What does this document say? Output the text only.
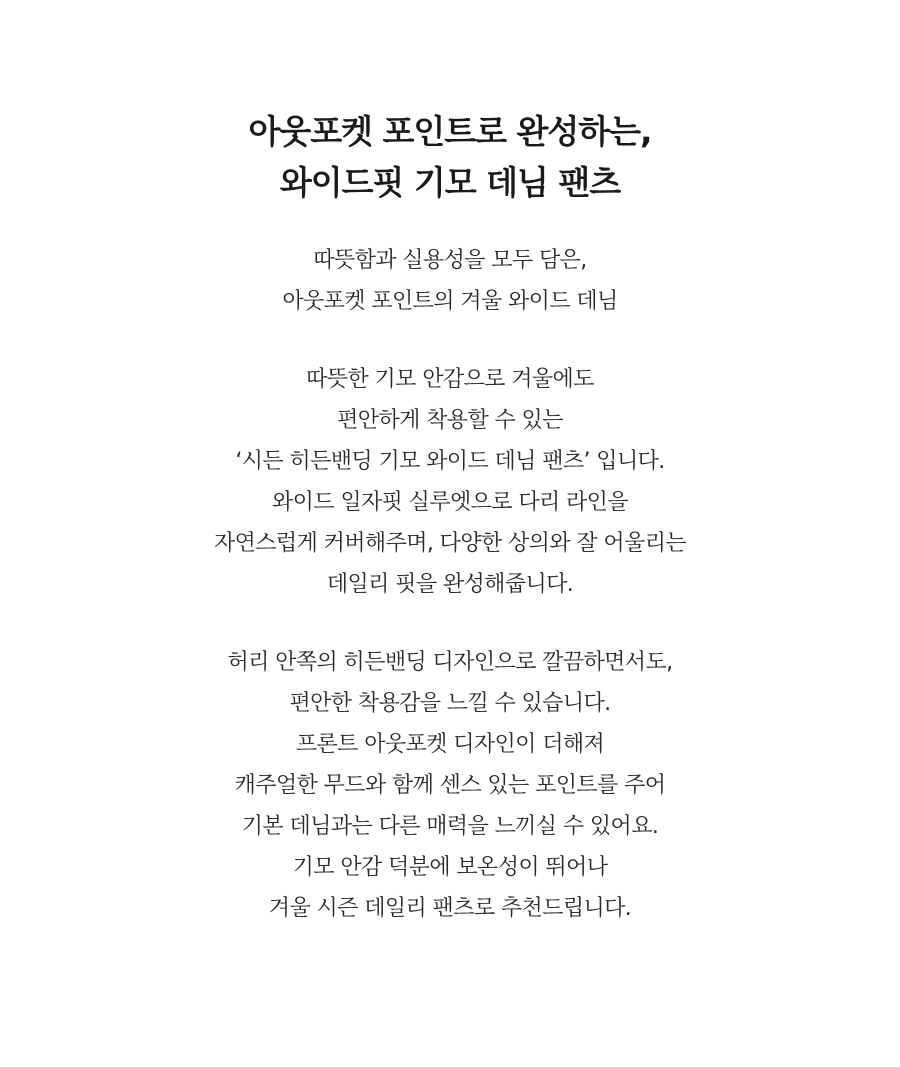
아웃포켓 포인트로 완성하는,
와이드핏 기모 데님 팬츠

따뜻함과 실용성을 모두 담은,
아웃포켓 포인트의 겨울 와이드 데님

따뜻한 기모 안감으로 겨울에도
편안하게 착용할 수 있는
‘시든 히든밴딩 기모 와이드 데님 팬츠’ 입니다.
와이드 일자핏 실루엣으로 다리 라인을
자연스럽게 커버해주며, 다양한 상의와 잘 어울리는
데일리 핏을 완성해줍니다.

허리 안쪽의 히든밴딩 디자인으로 깔끔하면서도,
편안한 착용감을 느낄 수 있습니다.
프론트 아웃포켓 디자인이 더해져
캐주얼한 무드와 함께 센스 있는 포인트를 주어
기본 데님과는 다른 매력을 느끼실 수 있어요.
기모 안감 덕분에 보온성이 뛰어나
겨울 시즌 데일리 팬츠로 추천드립니다.
